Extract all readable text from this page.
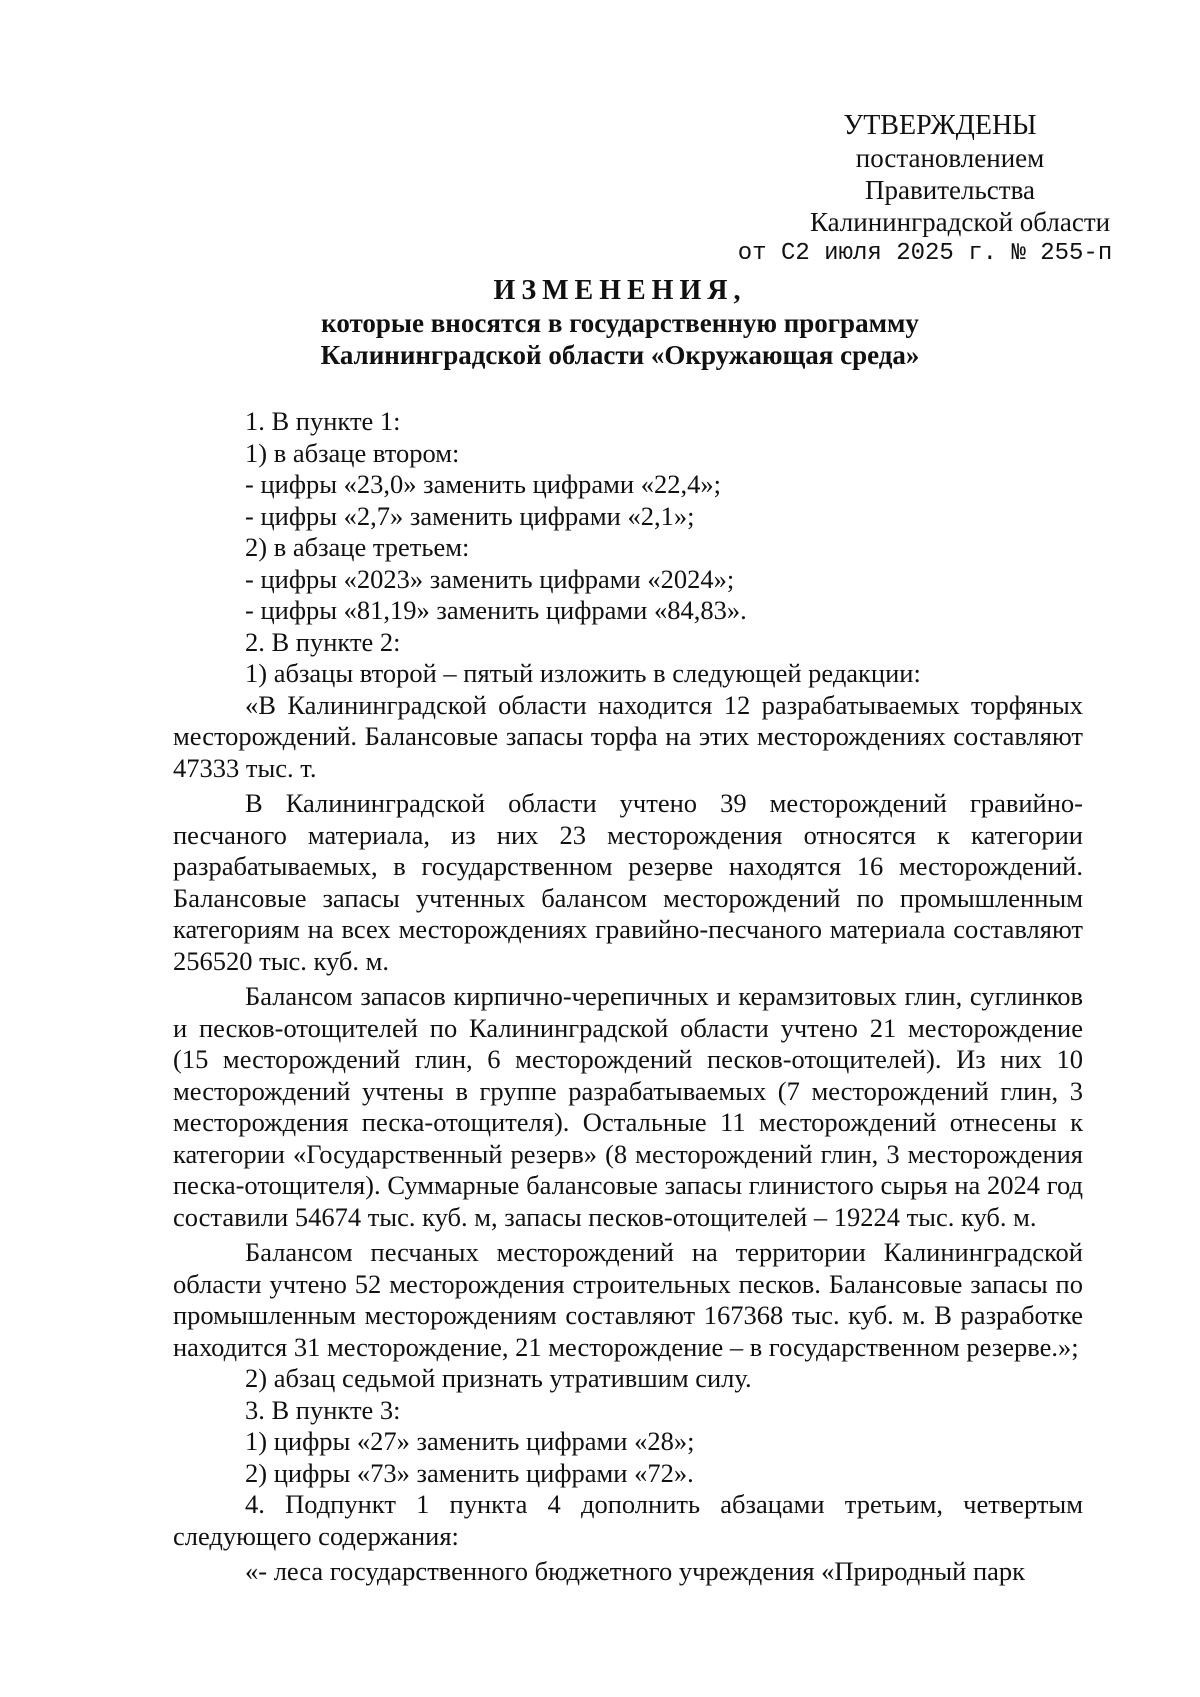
УТВЕРЖДЕНЫ
постановлением Правительства
Калининградской области
от С2 июля 2025 г. № 255-п
ИЗМЕНЕНИЯ,
которые вносятся в государственную программу
Калининградской области «Окружающая среда»

1. В пункте 1:

1) в абзаце втором:

- цифры «23,0» заменить цифрами «22,4»;

- цифры «2,7» заменить цифрами «2,1»;

2) в абзаце третьем:

- цифры «2023» заменить цифрами «2024»;

- цифры «81,19» заменить цифрами «84,83».

2. В пункте 2:

1) абзацы второй – пятый изложить в следующей редакции:

«В Калининградской области находится 12 разрабатываемых торфяных месторождений. Балансовые запасы торфа на этих месторождениях составляют 47333 тыс. т.

В Калининградской области учтено 39 месторождений гравийно-песчаного материала, из них 23 месторождения относятся к категории разрабатываемых, в государственном резерве находятся 16 месторождений. Балансовые запасы учтенных балансом месторождений по промышленным категориям на всех месторождениях гравийно-песчаного материала составляют 256520 тыс. куб. м.

Балансом запасов кирпично-черепичных и керамзитовых глин, суглинков и песков-отощителей по Калининградской области учтено 21 месторождение (15 месторождений глин, 6 месторождений песков-отощителей). Из них 10 месторождений учтены в группе разрабатываемых (7 месторождений глин, 3 месторождения песка-отощителя). Остальные 11 месторождений отнесены к категории «Государственный резерв» (8 месторождений глин, 3 месторождения песка-отощителя). Суммарные балансовые запасы глинистого сырья на 2024 год составили 54674 тыс. куб. м, запасы песков-отощителей – 19224 тыс. куб. м.

Балансом песчаных месторождений на территории Калининградской области учтено 52 месторождения строительных песков. Балансовые запасы по промышленным месторождениям составляют 167368 тыс. куб. м. В разработке находится 31 месторождение, 21 месторождение – в государственном резерве.»;

2) абзац седьмой признать утратившим силу.

3. В пункте 3:

1) цифры «27» заменить цифрами «28»;

2) цифры «73» заменить цифрами «72».

4. Подпункт 1 пункта 4 дополнить абзацами третьим, четвертым следующего содержания:

«- леса государственного бюджетного учреждения «Природный парк
